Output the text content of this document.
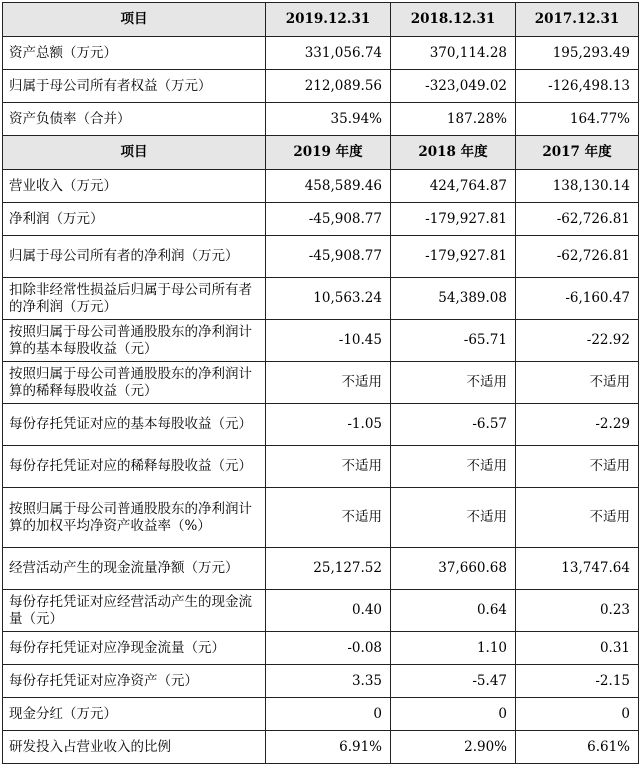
项目	2019.12.31	2018.12.31	2017.12.31
资产总额（万元）	331,056.74	370,114.28	195,293.49
归属于母公司所有者权益（万元）	212,089.56	-323,049.02	-126,498.13
资产负债率（合并）	35.94%	187.28%	164.77%
项目	2019 年度	2018 年度	2017 年度
营业收入（万元）	458,589.46	424,764.87	138,130.14
净利润（万元）	-45,908.77	-179,927.81	-62,726.81
归属于母公司所有者的净利润（万元）	-45,908.77	-179,927.81	-62,726.81
扣除非经常性损益后归属于母公司所有者的净利润（万元）	10,563.24	54,389.08	-6,160.47
按照归属于母公司普通股股东的净利润计算的基本每股收益（元）	-10.45	-65.71	-22.92
按照归属于母公司普通股股东的净利润计算的稀释每股收益（元）	不适用	不适用	不适用
每份存托凭证对应的基本每股收益（元）	-1.05	-6.57	-2.29
每份存托凭证对应的稀释每股收益（元）	不适用	不适用	不适用
按照归属于母公司普通股股东的净利润计算的加权平均净资产收益率（%）	不适用	不适用	不适用
经营活动产生的现金流量净额（万元）	25,127.52	37,660.68	13,747.64
每份存托凭证对应经营活动产生的现金流量（元）	0.40	0.64	0.23
每份存托凭证对应净现金流量（元）	-0.08	1.10	0.31
每份存托凭证对应净资产（元）	3.35	-5.47	-2.15
现金分红（万元）	0	0	0
研发投入占营业收入的比例	6.91%	2.90%	6.61%
